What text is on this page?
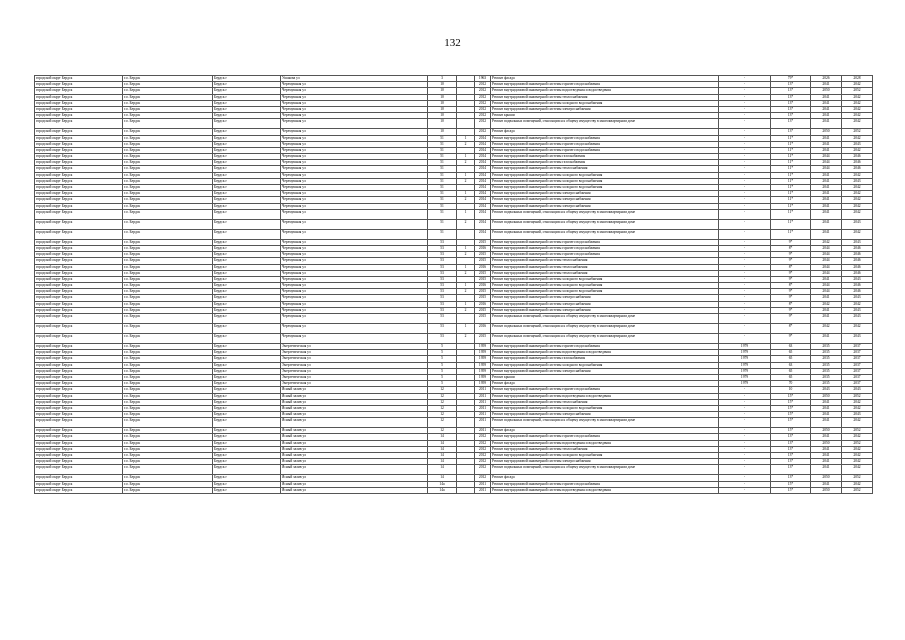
132
городской округ Бердск	г.о. Бердск	Бердск г	Ушакова ул	3		1963	Ремонт фасада	-	79*	2026	2028
городской округ Бердск	г.о. Бердск	Бердск г	Черемушная ул	10		2012	Ремонт внутридомовой инженерной системы горячего водоснабжения	-	13*	2041	2042
городской округ Бердск	г.о. Бердск	Бердск г	Черемушная ул	10		2012	Ремонт внутридомовой инженерной системы водоотведения и водоотведения	-	13*	2050	2052
городской округ Бердск	г.о. Бердск	Бердск г	Черемушная ул	10		2012	Ремонт внутридомовой инженерной системы теплоснабжения	-	13*	2041	2042
городской округ Бердск	г.о. Бердск	Бердск г	Черемушная ул	10		2012	Ремонт внутридомовой инженерной системы холодного водоснабжения	-	13*	2041	2042
городской округ Бердск	г.о. Бердск	Бердск г	Черемушная ул	10		2012	Ремонт внутридомовой инженерной системы электроснабжения	-	13*	2041	2042
городской округ Бердск	г.о. Бердск	Бердск г	Черемушная ул	10		2012	Ремонт крыши	-	13*	2041	2042
городской округ Бердск	г.о. Бердск	Бердск г	Черемушная ул	10		2012	Ремонт подвальных помещений, относящихся к общему имуществу в многоквартирном доме	-	13*	2041	2042
городской округ Бердск	г.о. Бердск	Бердск г	Черемушная ул	10		2012	Ремонт фасада	-	13*	2050	2052
городской округ Бердск	г.о. Бердск	Бердск г	Черемушная ул	51	1	2014	Ремонт внутридомовой инженерной системы горячего водоснабжения	-	11*	2041	2042
городской округ Бердск	г.о. Бердск	Бердск г	Черемушная ул	51	2	2014	Ремонт внутридомовой инженерной системы горячего водоснабжения	-	11*	2041	2043
городской округ Бердск	г.о. Бердск	Бердск г	Черемушная ул	51		2014	Ремонт внутридомовой инженерной системы горячего водоснабжения	-	11*	2041	2042
городской округ Бердск	г.о. Бердск	Бердск г	Черемушная ул	51	1	2014	Ремонт внутридомовой инженерной системы газоснабжения	-	11*	2044	2046
городской округ Бердск	г.о. Бердск	Бердск г	Черемушная ул	51	2	2014	Ремонт внутридомовой инженерной системы газоснабжения	-	11*	2044	2046
городской округ Бердск	г.о. Бердск	Бердск г	Черемушная ул	51		2014	Ремонт внутридомовой инженерной системы теплоснабжения	-	11*	2044	2046
городской округ Бердск	г.о. Бердск	Бердск г	Черемушная ул	51	1	2014	Ремонт внутридомовой инженерной системы холодного водоснабжения	-	11*	2041	2042
городской округ Бердск	г.о. Бердск	Бердск г	Черемушная ул	51	2	2014	Ремонт внутридомовой инженерной системы холодного водоснабжения	-	11*	2041	2043
городской округ Бердск	г.о. Бердск	Бердск г	Черемушная ул	51		2014	Ремонт внутридомовой инженерной системы холодного водоснабжения	-	11*	2041	2042
городской округ Бердск	г.о. Бердск	Бердск г	Черемушная ул	51	1	2014	Ремонт внутридомовой инженерной системы электроснабжения	-	11*	2041	2042
городской округ Бердск	г.о. Бердск	Бердск г	Черемушная ул	51	2	2014	Ремонт внутридомовой инженерной системы электроснабжения	-	11*	2041	2042
городской округ Бердск	г.о. Бердск	Бердск г	Черемушная ул	51		2014	Ремонт внутридомовой инженерной системы электроснабжения	-	11*	2041	2042
городской округ Бердск	г.о. Бердск	Бердск г	Черемушная ул	51	1	2014	Ремонт подвальных помещений, относящихся к общему имуществу в многоквартирном доме	-	11*	2041	2042
городской округ Бердск	г.о. Бердск	Бердск г	Черемушная ул	51	2	2014	Ремонт подвальных помещений, относящихся к общему имуществу в многоквартирном доме	-	11*	2041	2043
городской округ Бердск	г.о. Бердск	Бердск г	Черемушная ул	51		2014	Ремонт подвальных помещений, относящихся к общему имуществу в многоквартирном доме	-	11*	2041	2042
городской округ Бердск	г.о. Бердск	Бердск г	Черемушная ул	53		2015	Ремонт внутридомовой инженерной системы горячего водоснабжения	-	9*	2042	2043
городской округ Бердск	г.о. Бердск	Бердск г	Черемушная ул	53	1	2016	Ремонт внутридомовой инженерной системы горячего водоснабжения	-	8*	2044	2046
городской округ Бердск	г.о. Бердск	Бердск г	Черемушная ул	53	2	2015	Ремонт внутридомовой инженерной системы горячего водоснабжения	-	9*	2044	2046
городской округ Бердск	г.о. Бердск	Бердск г	Черемушная ул	53		2015	Ремонт внутридомовой инженерной системы теплоснабжения	-	9*	2044	2046
городской округ Бердск	г.о. Бердск	Бердск г	Черемушная ул	53	1	2016	Ремонт внутридомовой инженерной системы теплоснабжения	-	8*	2044	2046
городской округ Бердск	г.о. Бердск	Бердск г	Черемушная ул	53	2	2015	Ремонт внутридомовой инженерной системы теплоснабжения	-	9*	2044	2046
городской округ Бердск	г.о. Бердск	Бердск г	Черемушная ул	53		2015	Ремонт внутридомовой инженерной системы холодного водоснабжения	-	9*	2041	2043
городской округ Бердск	г.о. Бердск	Бердск г	Черемушная ул	53	1	2016	Ремонт внутридомовой инженерной системы холодного водоснабжения	-	8*	2044	2046
городской округ Бердск	г.о. Бердск	Бердск г	Черемушная ул	53	2	2015	Ремонт внутридомовой инженерной системы холодного водоснабжения	-	9*	2044	2046
городской округ Бердск	г.о. Бердск	Бердск г	Черемушная ул	53		2015	Ремонт внутридомовой инженерной системы электроснабжения	-	9*	2041	2043
городской округ Бердск	г.о. Бердск	Бердск г	Черемушная ул	53	1	2016	Ремонт внутридомовой инженерной системы электроснабжения	-	8*	2042	2042
городской округ Бердск	г.о. Бердск	Бердск г	Черемушная ул	53	2	2015	Ремонт внутридомовой инженерной системы электроснабжения	-	9*	2041	2043
городской округ Бердск	г.о. Бердск	Бердск г	Черемушная ул	53		2015	Ремонт подвальных помещений, относящихся к общему имуществу в многоквартирном доме	-	9*	2041	2043
городской округ Бердск	г.о. Бердск	Бердск г	Черемушная ул	53	1	2016	Ремонт подвальных помещений, относящихся к общему имуществу в многоквартирном доме	-	8*	2042	2042
городской округ Бердск	г.о. Бердск	Бердск г	Черемушная ул	53	2	2015	Ремонт подвальных помещений, относящихся к общему имуществу в многоквартирном доме	-	9*	2041	2043
городской округ Бердск	г.о. Бердск	Бердск г	Энергетическая ул	5		1959	Ремонт внутридомовой инженерной системы горячего водоснабжения	1979	63	2035	2037
городской округ Бердск	г.о. Бердск	Бердск г	Энергетическая ул	5		1959	Ремонт внутридомовой инженерной системы водоотведения и водоотведения	1979	65	2035	2037
городской округ Бердск	г.о. Бердск	Бердск г	Энергетическая ул	5		1959	Ремонт внутридомовой инженерной системы газоснабжения	1979	65	2035	2037
городской округ Бердск	г.о. Бердск	Бердск г	Энергетическая ул	5		1959	Ремонт внутридомовой инженерной системы холодного водоснабжения	1979	63	2035	2037
городской округ Бердск	г.о. Бердск	Бердск г	Энергетическая ул	5		1959	Ремонт внутридомовой инженерной системы электроснабжения	1979	65	2035	2037
городской округ Бердск	г.о. Бердск	Бердск г	Энергетическая ул	5		1959	Ремонт крыши	1979	65	2035	2037
городской округ Бердск	г.о. Бердск	Бердск г	Энергетическая ул	5		1959	Ремонт фасада	1979	70	2035	2037
городской округ Бердск	г.о. Бердск	Бердск г	Ясный залив ул	12		2011	Ремонт внутридомовой инженерной системы горячего водоснабжения	-	10	2043	2043
городской округ Бердск	г.о. Бердск	Бердск г	Ясный залив ул	12		2011	Ремонт внутридомовой инженерной системы водоотведения и водоотведения	-	15*	2050	2052
городской округ Бердск	г.о. Бердск	Бердск г	Ясный залив ул	12		2011	Ремонт внутридомовой инженерной системы теплоснабжения	-	15*	2041	2042
городской округ Бердск	г.о. Бердск	Бердск г	Ясный залив ул	12		2011	Ремонт внутридомовой инженерной системы холодного водоснабжения	-	15*	2041	2042
городской округ Бердск	г.о. Бердск	Бердск г	Ясный залив ул	12		2011	Ремонт внутридомовой инженерной системы электроснабжения	-	15*	2041	2043
городской округ Бердск	г.о. Бердск	Бердск г	Ясный залив ул	12		2011	Ремонт подвальных помещений, относящихся к общему имуществу в многоквартирном доме	-	15*	2041	2042
городской округ Бердск	г.о. Бердск	Бердск г	Ясный залив ул	12		2011	Ремонт фасада	-	15*	2050	2052
городской округ Бердск	г.о. Бердск	Бердск г	Ясный залив ул	14		2012	Ремонт внутридомовой инженерной системы горячего водоснабжения	-	13*	2041	2042
городской округ Бердск	г.о. Бердск	Бердск г	Ясный залив ул	14		2012	Ремонт внутридомовой инженерной системы водоотведения и водоотведения	-	13*	2050	2052
городской округ Бердск	г.о. Бердск	Бердск г	Ясный залив ул	14		2012	Ремонт внутридомовой инженерной системы теплоснабжения	-	13*	2041	2042
городской округ Бердск	г.о. Бердск	Бердск г	Ясный залив ул	14		2012	Ремонт внутридомовой инженерной системы холодного водоснабжения	-	13*	2041	2042
городской округ Бердск	г.о. Бердск	Бердск г	Ясный залив ул	14		2012	Ремонт внутридомовой инженерной системы электроснабжения	-	13*	2041	2042
городской округ Бердск	г.о. Бердск	Бердск г	Ясный залив ул	14		2012	Ремонт подвальных помещений, относящихся к общему имуществу в многоквартирном доме	-	13*	2041	2042
городской округ Бердск	г.о. Бердск	Бердск г	Ясный залив ул	14		2012	Ремонт фасада	-	13*	2050	2052
городской округ Бердск	г.о. Бердск	Бердск г	Ясный залив ул	14а		2011	Ремонт внутридомовой инженерной системы горячего водоснабжения	-	15*	2041	2042
городской округ Бердск	г.о. Бердск	Бердск г	Ясный залив ул	14а		2011	Ремонт внутридомовой инженерной системы водоотведения и водоотведения	-	15*	2050	2052
